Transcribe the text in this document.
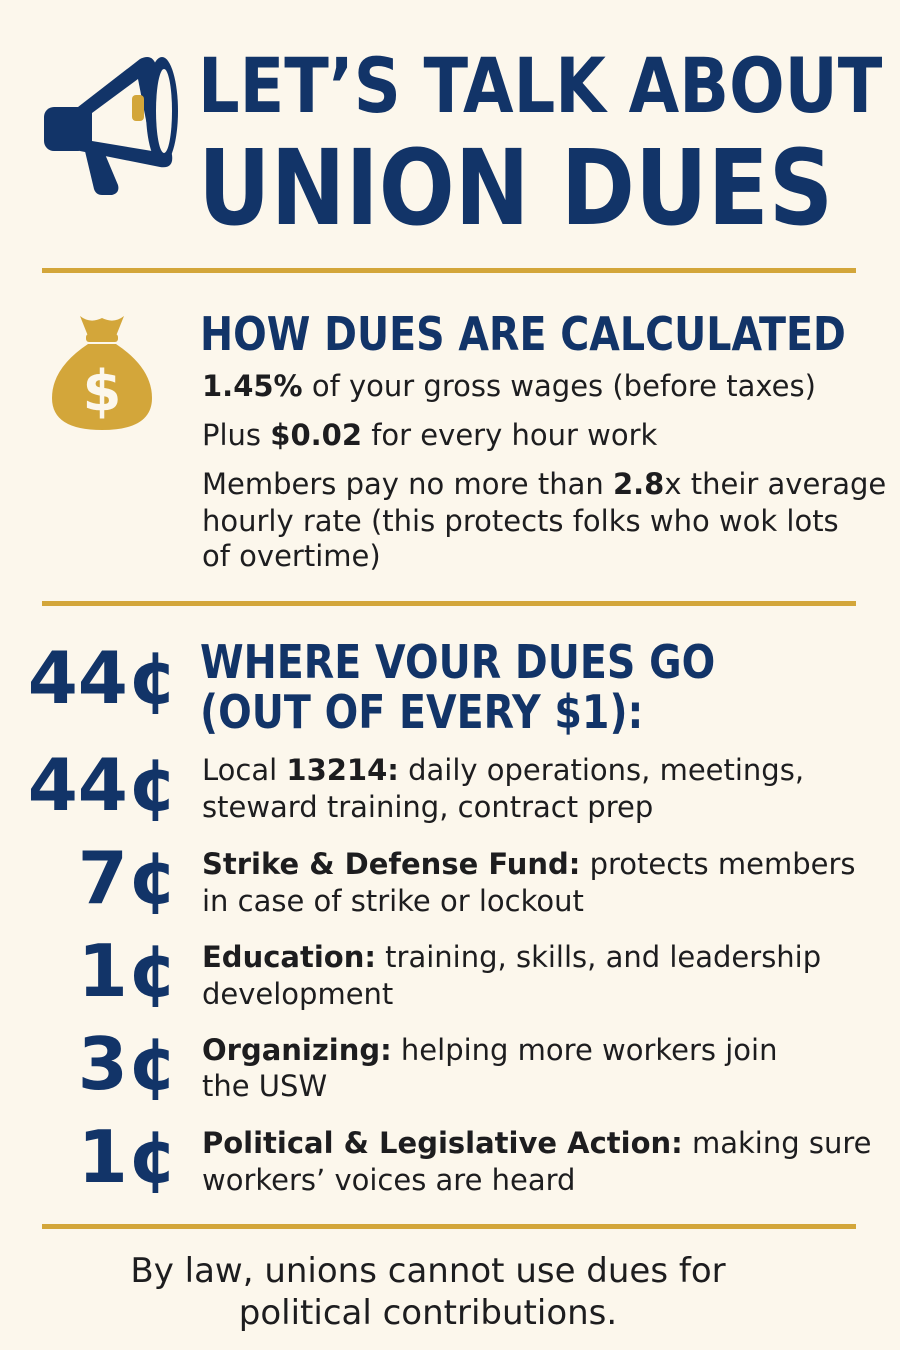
LET’S TALK ABOUT
UNION DUES
$
HOW DUES ARE CALCULATED
1.45% of your gross wages (before taxes)
Plus $0.02 for every hour work
Members pay no more than 2.8x their average
hourly rate (this protects folks who wok lots
of overtime)
44¢ WHERE VOUR DUES GO
(OUT OF EVERY $1):
44¢ Local 13214: daily operations, meetings,
steward training, contract prep
7¢ Strike & Defense Fund: protects members
in case of strike or lockout
1¢ Education: training, skills, and leadership
development
3¢ Organizing: helping more workers join
the USW
1¢ Political & Legislative Action: making sure
workers’ voices are heard
By law, unions cannot use dues for
political contributions.
